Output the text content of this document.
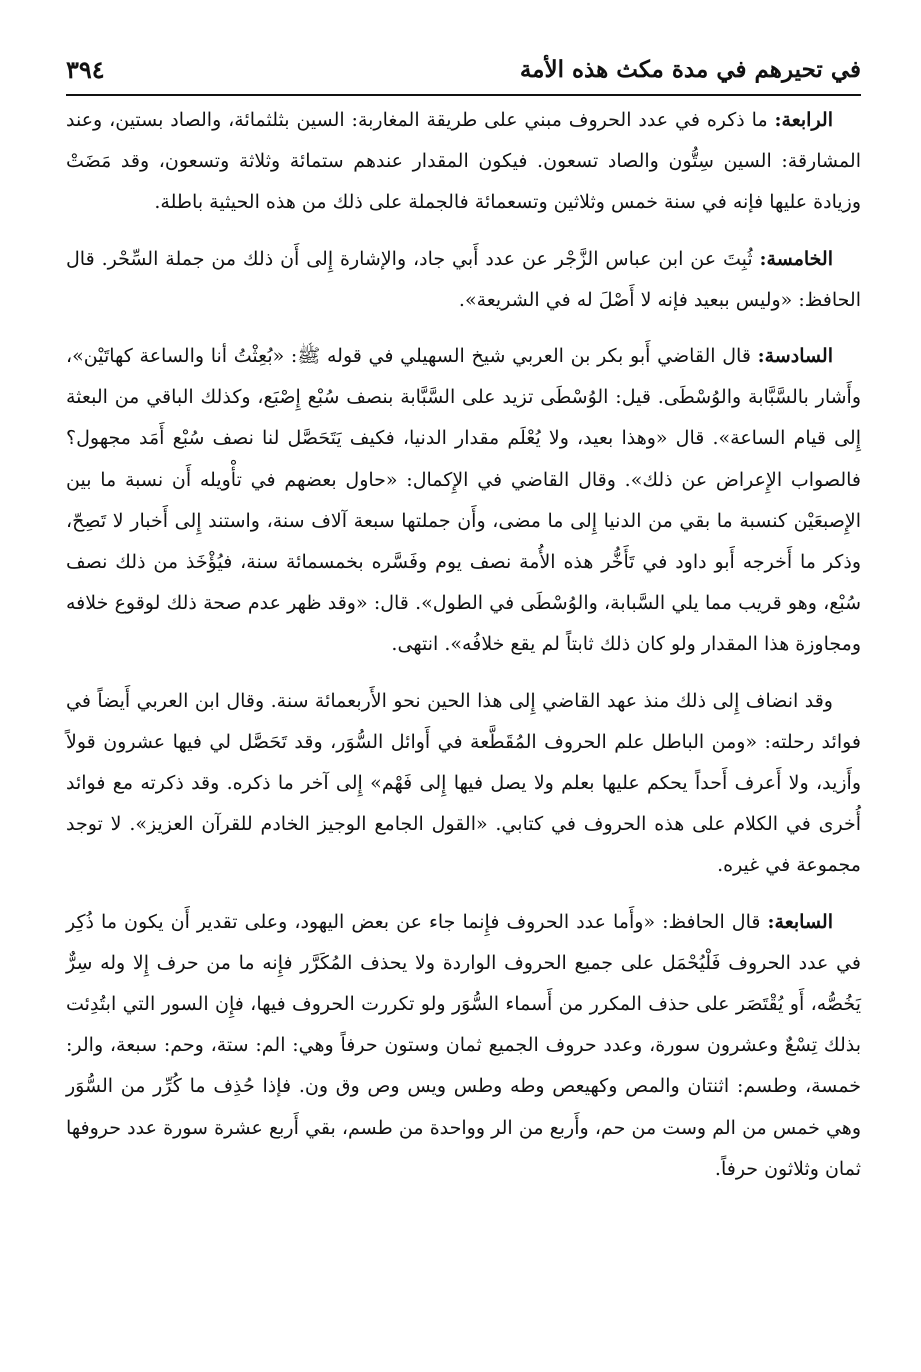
في تحيرهم في مدة مكث هذه الأمة
٣٩٤

الرابعة: ما ذكره في عدد الحروف مبني على طريقة المغاربة: السين بثلثمائة، والصاد بستين، وعند المشارقة: السين سِتُّون والصاد تسعون. فيكون المقدار عندهم ستمائة وثلاثة وتسعون، وقد مَضَتْ وزيادة عليها فإنه في سنة خمس وثلاثين وتسعمائة فالجملة على ذلك من هذه الحيثية باطلة.

الخامسة: ثُبِتَ عن ابن عباس الزَّجْر عن عدد أَبي جاد، والإشارة إِلى أَن ذلك من جملة السِّحْر. قال الحافظ: «وليس ببعيد فإنه لا أَصْلَ له في الشريعة».

السادسة: قال القاضي أَبو بكر بن العربي شيخ السهيلي في قوله ﷺ: «بُعِثْتُ أنا والساعة كهاتَيْن»، وأَشار بالسَّبَّابة والوُسْطَى. قيل: الوُسْطَى تزيد على السَّبَّابة بنصف سُبْع إِصْبَع، وكذلك الباقي من البعثة إِلى قيام الساعة». قال «وهذا بعيد، ولا يُعْلَم مقدار الدنيا، فكيف يَتَحَصَّل لنا نصف سُبْع أَمَد مجهول؟ فالصواب الإِعراض عن ذلك». وقال القاضي في الإِكمال: «حاول بعضهم في تأْويله أَن نسبة ما بين الإِصبعَيْن كنسبة ما بقي من الدنيا إِلى ما مضى، وأَن جملتها سبعة آلاف سنة، واستند إِلى أَخبار لا تَصِحّ، وذكر ما أَخرجه أَبو داود في تَأَخُّر هذه الأُمة نصف يوم وفَسَّره بخمسمائة سنة، فيُؤْخَذ من ذلك نصف سُبْع، وهو قريب مما يلي السَّبابة، والوُسْطَى في الطول». قال: «وقد ظهر عدم صحة ذلك لوقوع خلافه ومجاوزة هذا المقدار ولو كان ذلك ثابتاً لم يقع خلافُه». انتهى.

وقد انضاف إِلى ذلك منذ عهد القاضي إِلى هذا الحين نحو الأَربعمائة سنة. وقال ابن العربي أَيضاً في فوائد رحلته: «ومن الباطل علم الحروف المُقَطَّعة في أَوائل السُّوَر، وقد تَحَصَّل لي فيها عشرون قولاً وأَزيد، ولا أَعرف أَحداً يحكم عليها بعلم ولا يصل فيها إِلى فَهْم» إِلى آخر ما ذكره. وقد ذكرته مع فوائد أُخرى في الكلام على هذه الحروف في كتابي. «القول الجامع الوجيز الخادم للقرآن العزيز». لا توجد مجموعة في غيره.

السابعة: قال الحافظ: «وأَما عدد الحروف فإِنما جاء عن بعض اليهود، وعلى تقدير أَن يكون ما ذُكِر في عدد الحروف فَلْيُحْمَل على جميع الحروف الواردة ولا يحذف المُكَرَّر فإِنه ما من حرف إِلا وله سِرٌّ يَخُصُّه، أَو يُقْتَصَر على حذف المكرر من أَسماء السُّوَر ولو تكررت الحروف فيها، فإِن السور التي ابتُدِئت بذلك تِسْعٌ وعشرون سورة، وعدد حروف الجميع ثمان وستون حرفاً وهي: الم: ستة، وحم: سبعة، والر: خمسة، وطسم: اثنتان والمص وكهيعص وطه وطس ويس وص وق ون. فإذا حُذِف ما كُرِّر من السُّوَر وهي خمس من الم وست من حم، وأَربع من الر وواحدة من طسم، بقي أَربع عشرة سورة عدد حروفها ثمان وثلاثون حرفاً.
